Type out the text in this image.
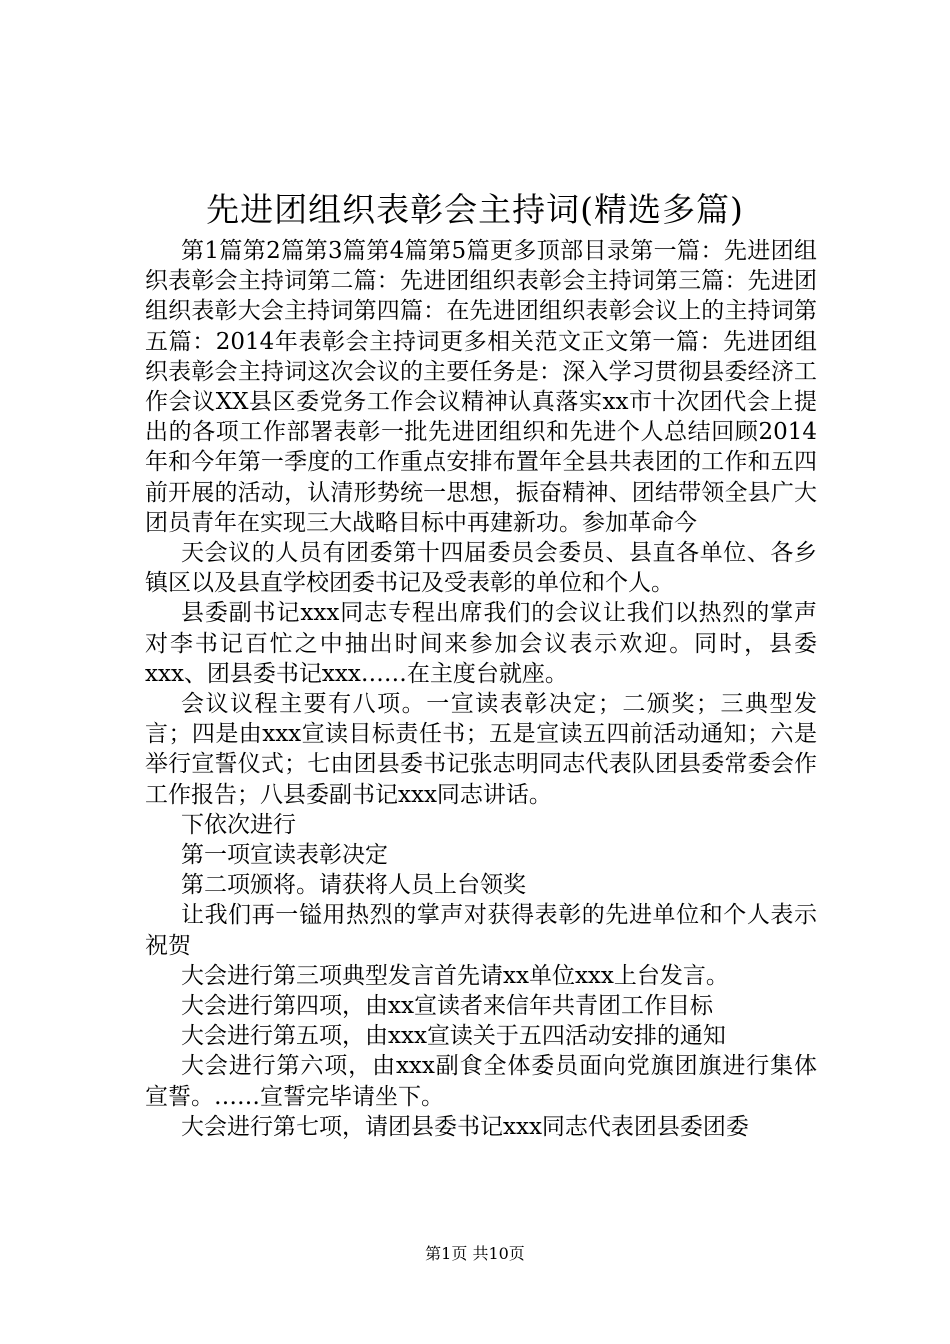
先进团组织表彰会主持词(精选多篇)

第1篇第2篇第3篇第4篇第5篇更多顶部目录第一篇：先进团组织表彰会主持词第二篇：先进团组织表彰会主持词第三篇：先进团组织表彰大会主持词第四篇：在先进团组织表彰会议上的主持词第五篇：2014年表彰会主持词更多相关范文正文第一篇：先进团组织表彰会主持词这次会议的主要任务是：深入学习贯彻县委经济工作会议XX县区委党务工作会议精神认真落实xx市十次团代会上提出的各项工作部署表彰一批先进团组织和先进个人总结回顾2014年和今年第一季度的工作重点安排布置年全县共表团的工作和五四前开展的活动，认清形势统一思想，振奋精神、团结带领全县广大团员青年在实现三大战略目标中再建新功。参加革命今

天会议的人员有团委第十四届委员会委员、县直各单位、各乡镇区以及县直学校团委书记及受表彰的单位和个人。

县委副书记xxx同志专程出席我们的会议让我们以热烈的掌声对李书记百忙之中抽出时间来参加会议表示欢迎。同时，县委xxx、团县委书记xxx……在主度台就座。

会议议程主要有八项。一宣读表彰决定；二颁奖；三典型发言；四是由xxx宣读目标责任书；五是宣读五四前活动通知；六是举行宣誓仪式；七由团县委书记张志明同志代表队团县委常委会作工作报告；八县委副书记xxx同志讲话。

下依次进行

第一项宣读表彰决定

第二项颁将。请获将人员上台领奖

让我们再一镒用热烈的掌声对获得表彰的先进单位和个人表示祝贺

大会进行第三项典型发言首先请xx单位xxx上台发言。

大会进行第四项，由xx宣读者来信年共青团工作目标

大会进行第五项，由xxx宣读关于五四活动安排的通知

大会进行第六项，由xxx副食全体委员面向党旗团旗进行集体宣誓。……宣誓完毕请坐下。

大会进行第七项，请团县委书记xxx同志代表团县委团委

第1页 共10页
